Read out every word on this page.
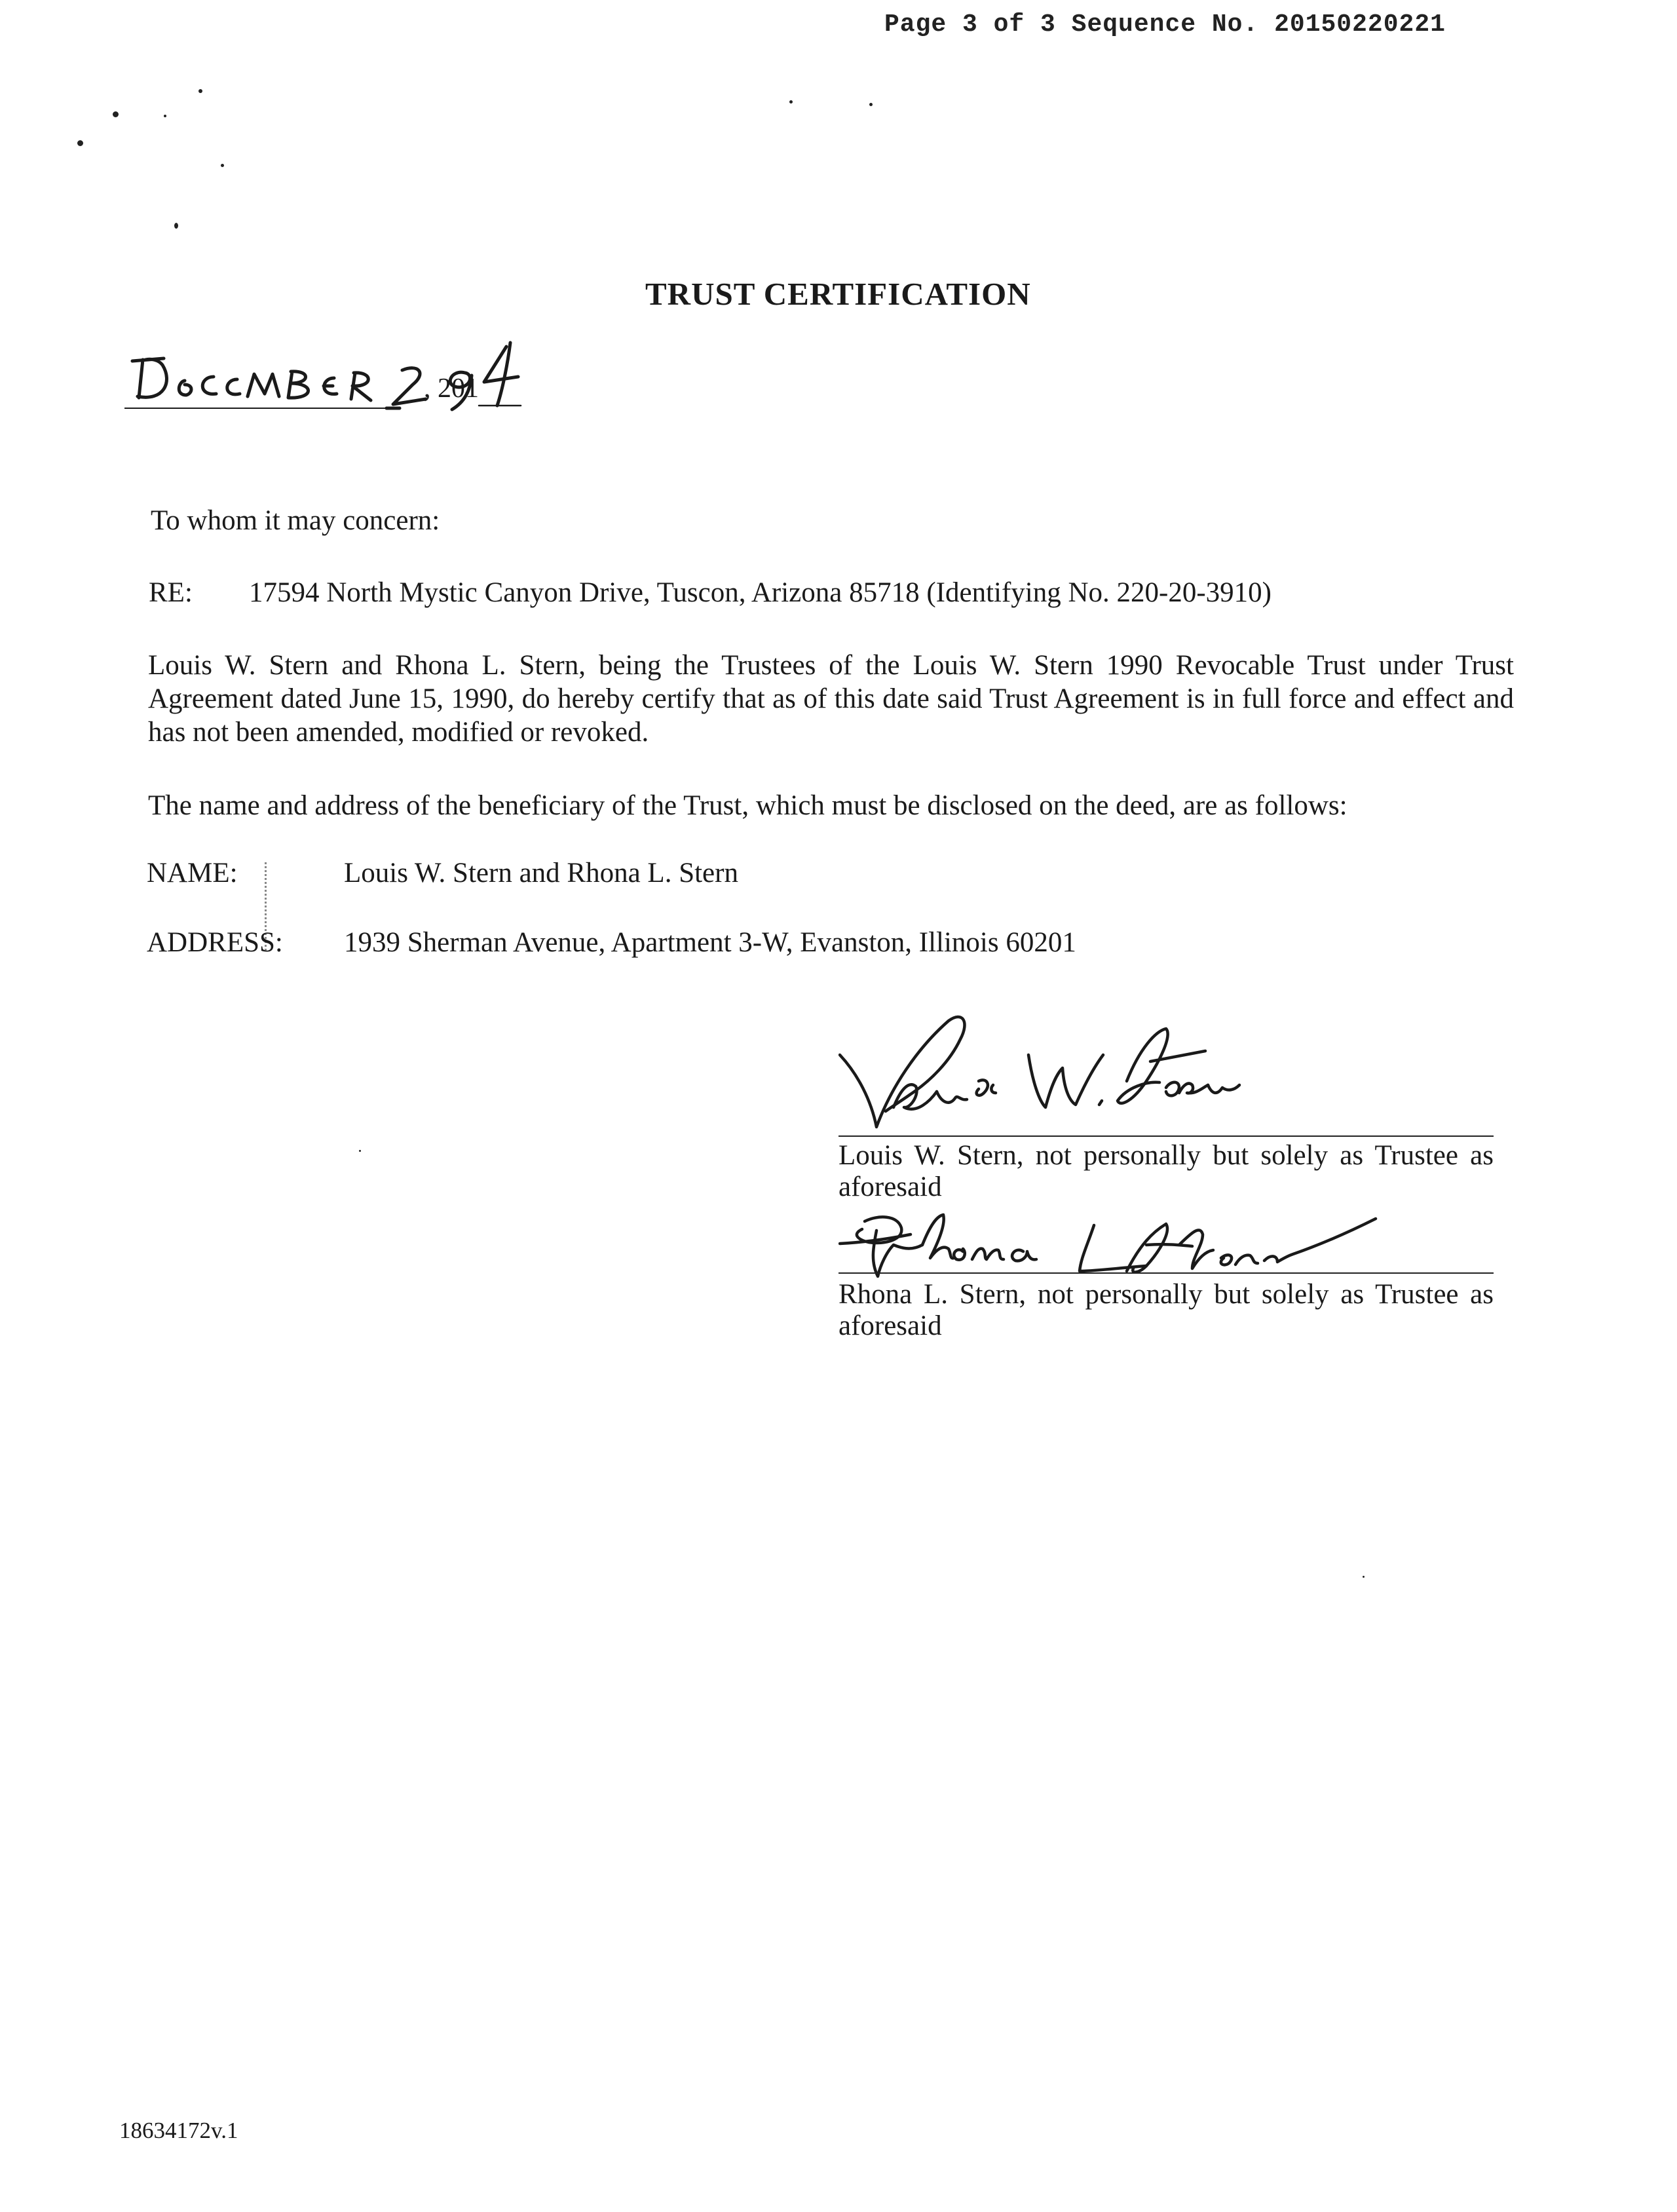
Page 3 of 3 Sequence No. 20150220221
TRUST CERTIFICATION
, 201
To whom it may concern:
RE: 17594 North Mystic Canyon Drive, Tuscon, Arizona 85718 (Identifying No. 220-20-3910)
Louis W. Stern and Rhona L. Stern, being the Trustees of the Louis W. Stern 1990 Revocable Trust under Trust Agreement dated June 15, 1990, do hereby certify that as of this date said Trust Agreement is in full force and effect and has not been amended, modified or revoked.
The name and address of the beneficiary of the Trust, which must be disclosed on the deed, are as follows:
NAME:	Louis W. Stern and Rhona L. Stern
ADDRESS: 1939 Sherman Avenue, Apartment 3-W, Evanston, Illinois 60201
Louis W. Stern, not personally but solely as Trustee as aforesaid
Rhona L. Stern, not personally but solely as Trustee as aforesaid
18634172v.1
